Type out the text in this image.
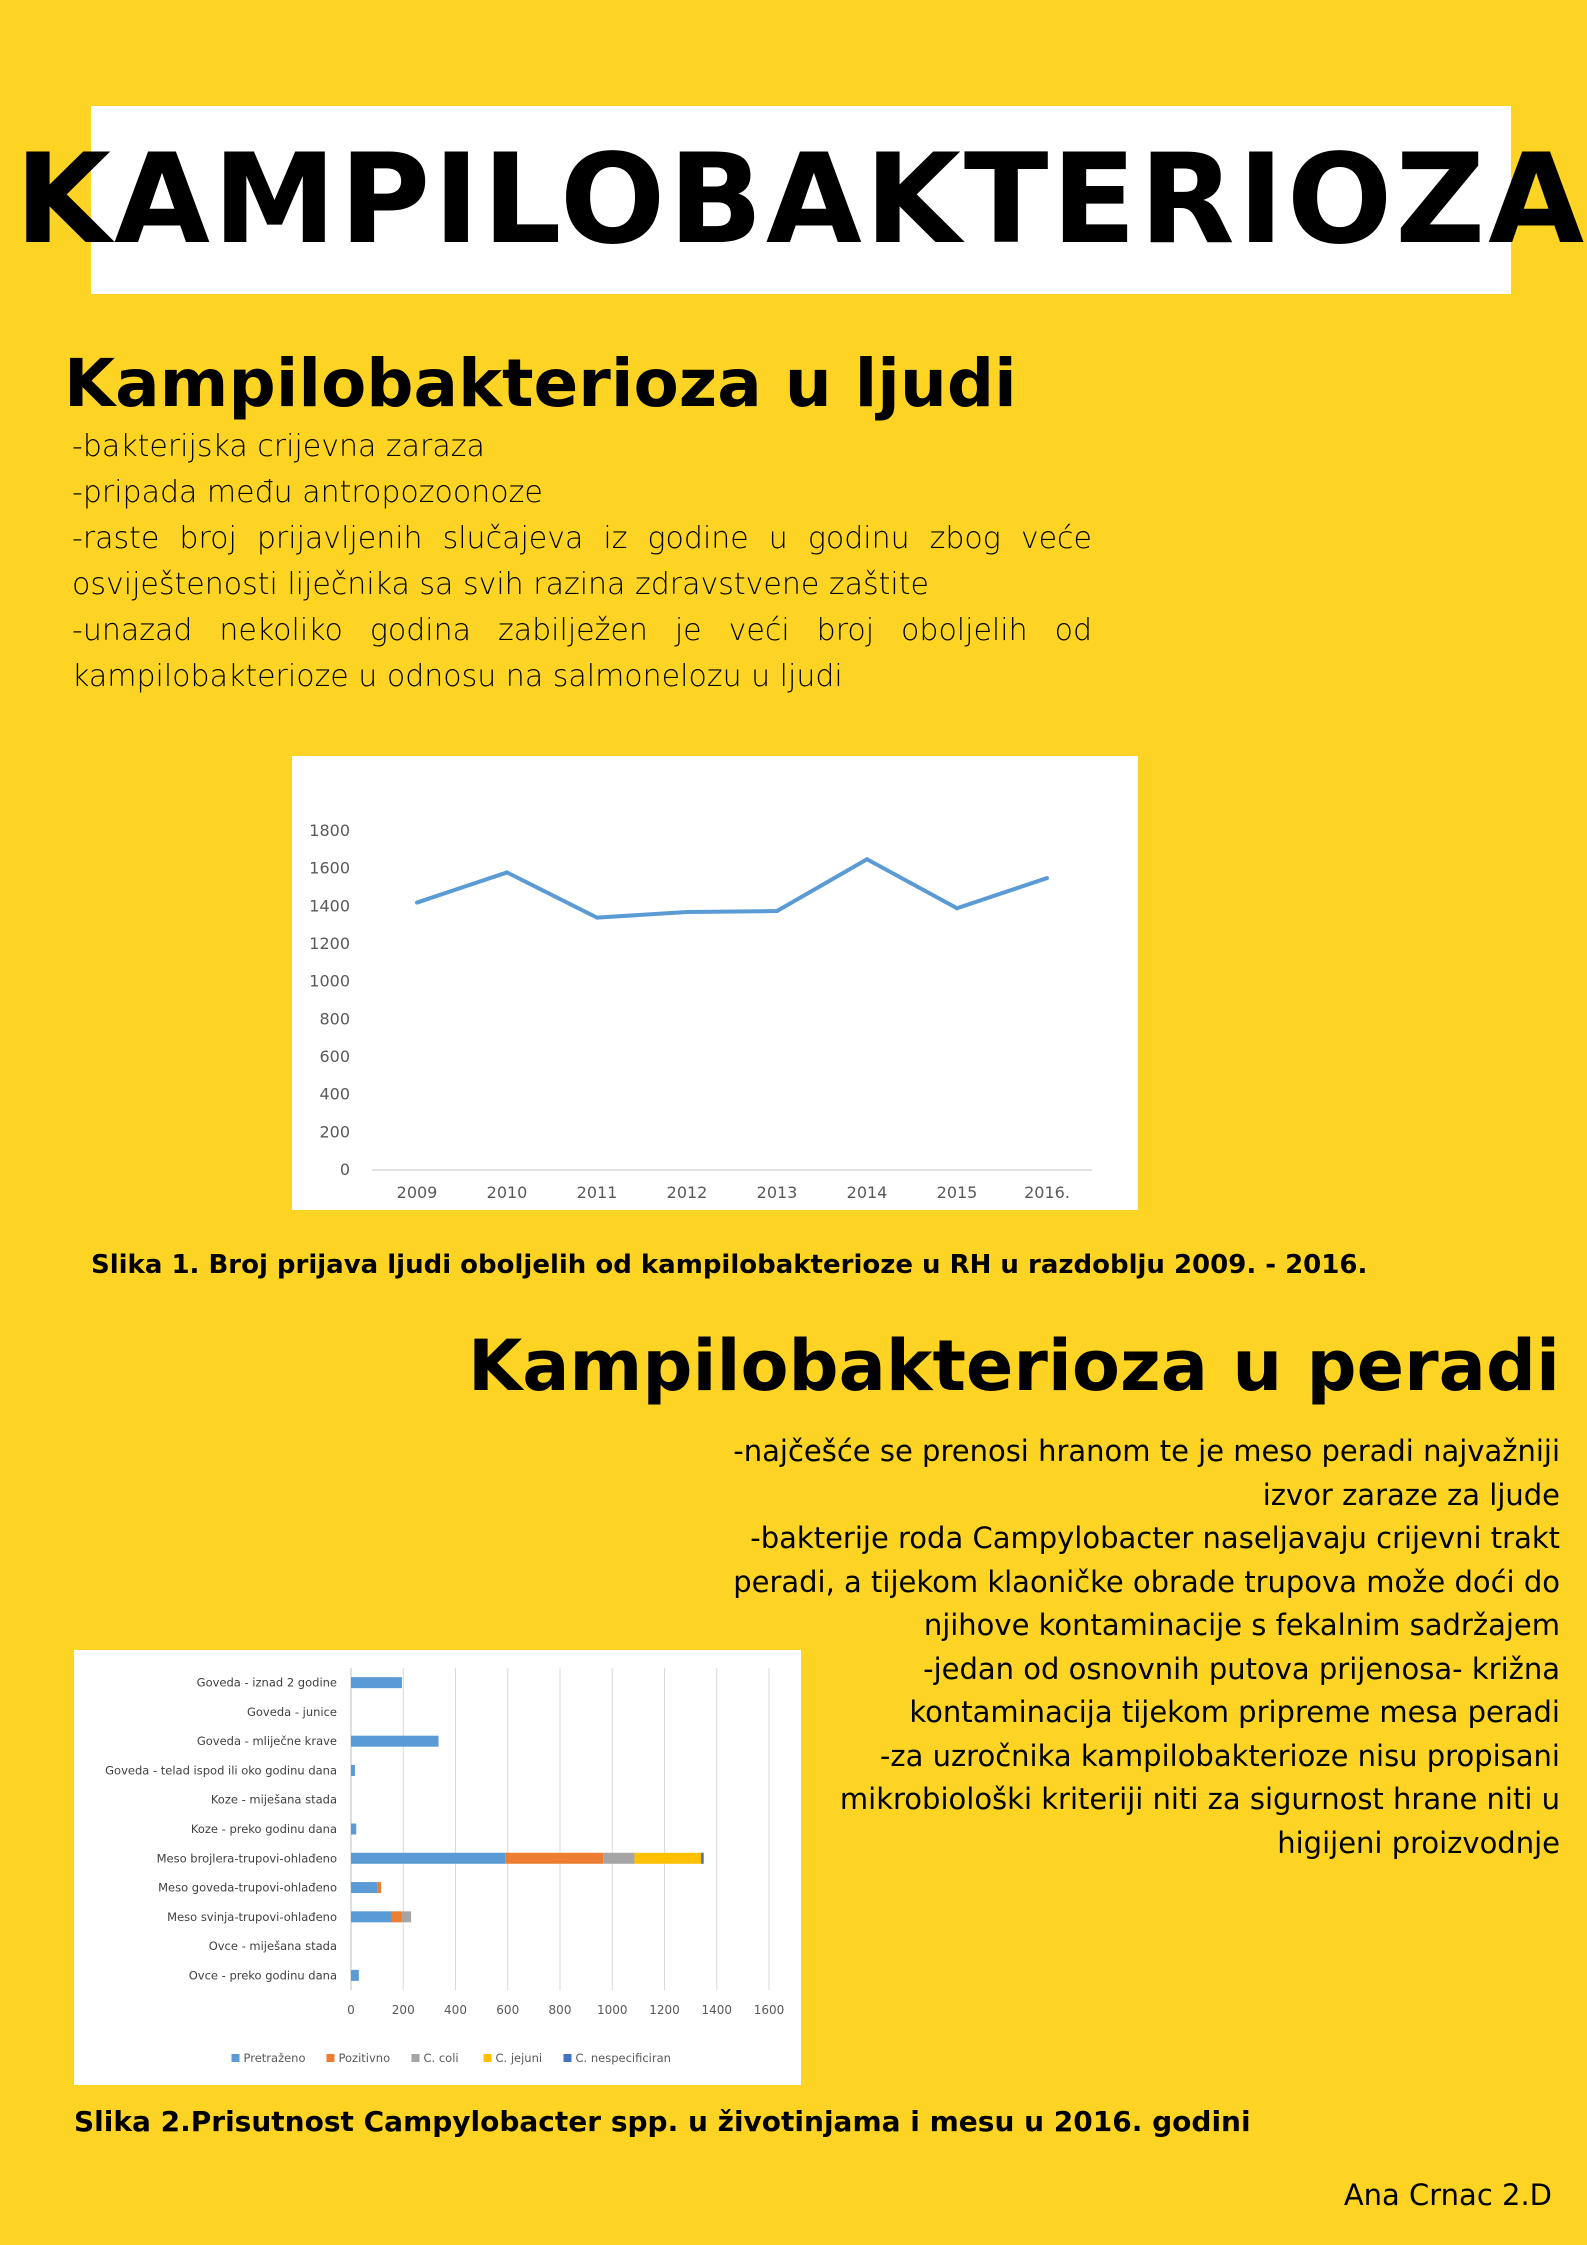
KAMPILOBAKTERIOZA
Kampilobakterioza u ljudi

-bakterijska crijevna zaraza

-pripada među antropozoonoze

-raste broj prijavljenih slučajeva iz godine u godinu zbog veće osviještenosti liječnika sa svih razina zdravstvene zaštite

-unazad nekoliko godina zabilježen je veći broj oboljelih od kampilobakterioze u odnosu na salmonelozu u ljudi

0
200
400
600
800
1000
1200
1400
1600
1800
2009	2010	2011	2012	2013	2014	2015	2016.
Slika 1. Broj prijava ljudi oboljelih od kampilobakterioze u RH u razdoblju 2009. - 2016.
Kampilobakterioza u peradi

-najčešće se prenosi hranom te je meso peradi najvažniji izvor zaraze za ljude

-bakterije roda Campylobacter naseljavaju crijevni trakt peradi, a tijekom klaoničke obrade trupova može doći do njihove kontaminacije s fekalnim sadržajem

-jedan od osnovnih putova prijenosa- križna kontaminacija tijekom pripreme mesa peradi

-za uzročnika kampilobakterioze nisu propisani mikrobiološki kriteriji niti za sigurnost hrane niti u higijeni proizvodnje

0	200 400 600 800 1000 1200 1400 1600
Goveda - iznad 2 godine
Goveda - junice
Goveda - mliječne krave
Goveda - telad ispod ili oko godinu dana
Koze - miješana stada
Koze - preko godinu dana
Meso brojlera-trupovi-ohlađeno
Meso goveda-trupovi-ohlađeno
Meso svinja-trupovi-ohlađeno
Ovce - miješana stada
Ovce - preko godinu dana
Pretraženo	Pozitivno	C. coli	C. jejuni	C. nespecificiran
Slika 2.Prisutnost Campylobacter spp. u životinjama i mesu u 2016. godini
Ana Crnac 2.D
